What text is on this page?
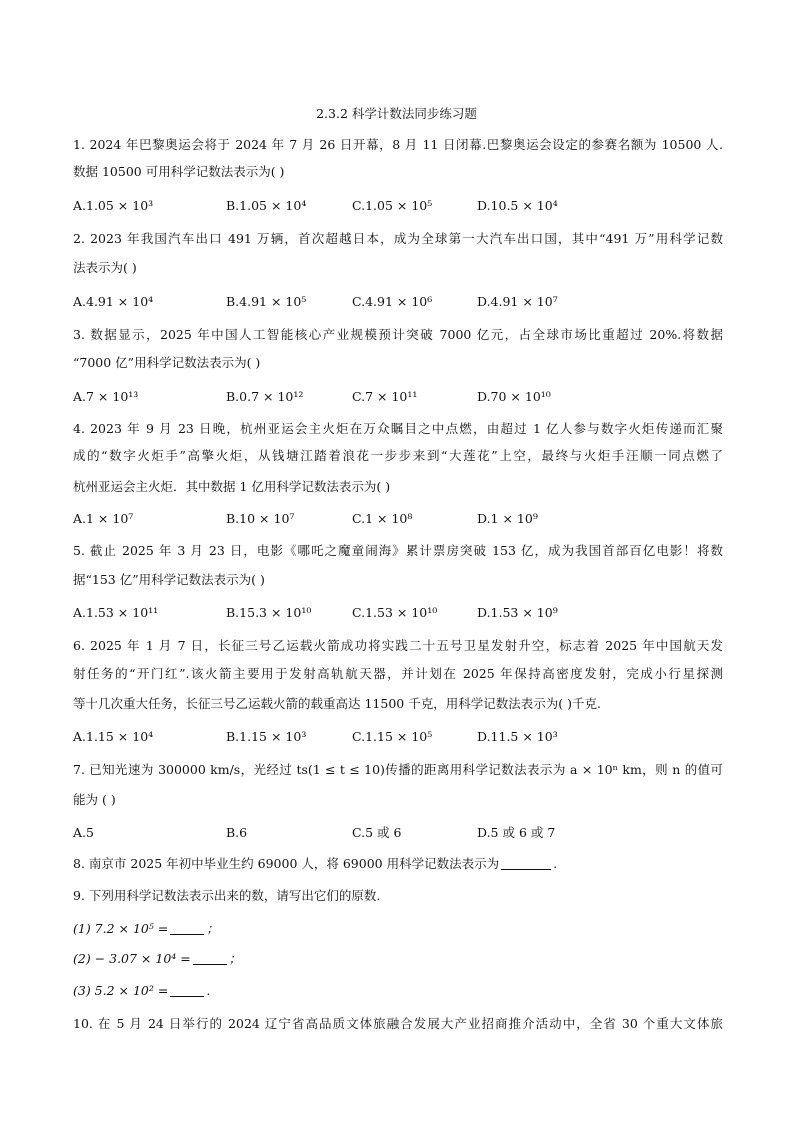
2.3.2 科学计数法同步练习题
1. 2024 年巴黎奥运会将于 2024 年 7 月 26 日开幕，8 月 11 日闭幕.巴黎奥运会设定的参赛名额为 10500 人.
数据 10500 可用科学记数法表示为( )
A.1.05 × 10³	B.1.05 × 10⁴	C.1.05 × 10⁵	D.10.5 × 10⁴
2. 2023 年我国汽车出口 491 万辆，首次超越日本，成为全球第一大汽车出口国，其中“491 万”用科学记数
法表示为( )
A.4.91 × 10⁴	B.4.91 × 10⁵	C.4.91 × 10⁶	D.4.91 × 10⁷
3. 数据显示，2025 年中国人工智能核心产业规模预计突破 7000 亿元，占全球市场比重超过 20%.将数据
“7000 亿”用科学记数法表示为( )
A.7 × 10¹³	B.0.7 × 10¹²	C.7 × 10¹¹	D.70 × 10¹⁰
4. 2023 年 9 月 23 日晚，杭州亚运会主火炬在万众瞩目之中点燃，由超过 1 亿人参与数字火炬传递而汇聚
成的“数字火炬手”高擎火炬，从钱塘江踏着浪花一步步来到“大莲花”上空，最终与火炬手汪顺一同点燃了
杭州亚运会主火炬．其中数据 1 亿用科学记数法表示为( )
A.1 × 10⁷	B.10 × 10⁷	C.1 × 10⁸	D.1 × 10⁹
5. 截止 2025 年 3 月 23 日，电影《哪吒之魔童闹海》累计票房突破 153 亿，成为我国首部百亿电影！将数
据“153 亿”用科学记数法表示为( )
A.1.53 × 10¹¹	B.15.3 × 10¹⁰	C.1.53 × 10¹⁰	D.1.53 × 10⁹
6. 2025 年 1 月 7 日，长征三号乙运载火箭成功将实践二十五号卫星发射升空，标志着 2025 年中国航天发
射任务的“开门红”.该火箭主要用于发射高轨航天器，并计划在 2025 年保持高密度发射，完成小行星探测
等十几次重大任务，长征三号乙运载火箭的载重高达 11500 千克，用科学记数法表示为( )千克.
A.1.15 × 10⁴	B.1.15 × 10³	C.1.15 × 10⁵	D.11.5 × 10³
7. 已知光速为 300000 km/s，光经过 ts(1 ≤ t ≤ 10)传播的距离用科学记数法表示为 a × 10ⁿ km，则 n 的值可
能为 ( )
A.5	B.6	C.5 或 6	D.5 或 6 或 7
8. 南京市 2025 年初中毕业生约 69000 人，将 69000 用科学记数法表示为	.
9. 下列用科学记数法表示出来的数，请写出它们的原数.
(1) 7.2 × 10⁵ =	；
(2) − 3.07 × 10⁴ =	；
(3) 5.2 × 10² =	.
10. 在 5 月 24 日举行的 2024 辽宁省高品质文体旅融合发展大产业招商推介活动中，全省 30 个重大文体旅
